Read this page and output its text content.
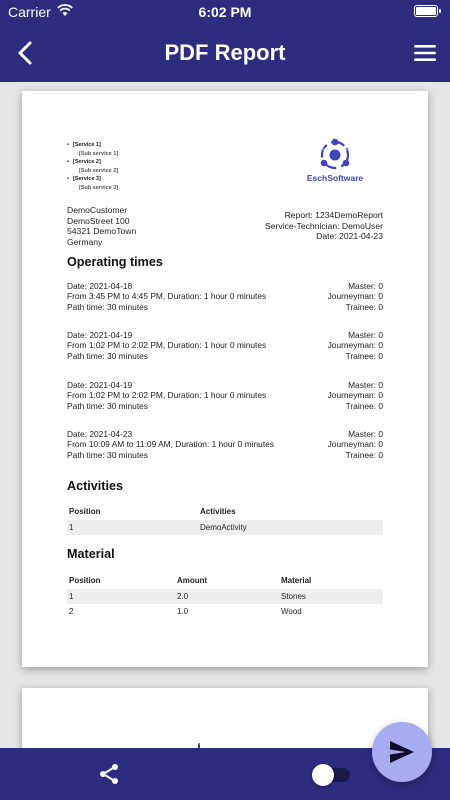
Carrier	6:02 PM
PDF Report
• [Service 1]
[Sub service 1]
• [Service 2]
[Sub service 2]
• [Service 3]
[Sub service 3]
EschSoftware
DemoCustomer
DemoStreet 100
54321 DemoTown
Germany
Report: 1234DemoReport
Service-Technician: DemoUser
Date: 2021-04-23
Operating times
Date: 2021-04-18
From 3:45 PM to 4:45 PM, Duration: 1 hour 0 minutes
Path time: 30 minutes
Master: 0
Journeyman: 0
Trainee: 0
Date: 2021-04-19
From 1:02 PM to 2:02 PM, Duration: 1 hour 0 minutes
Path time: 30 minutes
Master: 0
Journeyman: 0
Trainee: 0
Date: 2021-04-19
From 1:02 PM to 2:02 PM, Duration: 1 hour 0 minutes
Path time: 30 minutes
Master: 0
Journeyman: 0
Trainee: 0
Date: 2021-04-23
From 10:09 AM to 11:09 AM, Duration: 1 hour 0 minutes
Path time: 30 minutes
Master: 0
Journeyman: 0
Trainee: 0
Activities
Position	Activities
1	DemoActivity
Material
Position	Amount	Material
1	2.0	Stones
2	1.0	Wood
